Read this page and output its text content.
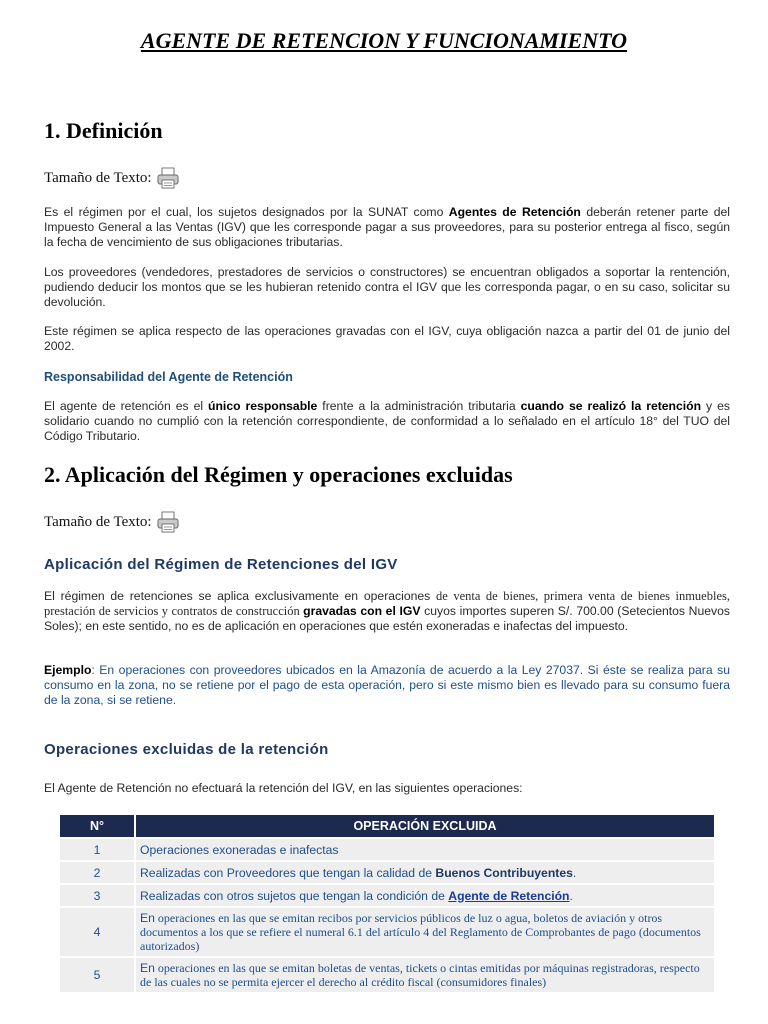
AGENTE DE RETENCION Y FUNCIONAMIENTO
1. Definición
Tamaño de Texto:
Es el régimen por el cual, los sujetos designados por la SUNAT como Agentes de Retención deberán retener parte del Impuesto General a las Ventas (IGV) que les corresponde pagar a sus proveedores, para su posterior entrega al fisco, según la fecha de vencimiento de sus obligaciones tributarias.
Los proveedores (vendedores, prestadores de servicios o constructores) se encuentran obligados a soportar la rentención, pudiendo deducir los montos que se les hubieran retenido contra el IGV que les corresponda pagar, o en su caso, solicitar su devolución.
Este régimen se aplica respecto de las operaciones gravadas con el IGV, cuya obligación nazca a partir del 01 de junio del 2002.
Responsabilidad del Agente de Retención
El agente de retención es el único responsable frente a la administración tributaria cuando se realizó la retención y es solidario cuando no cumplió con la retención correspondiente, de conformidad a lo señalado en el artículo 18° del TUO del Código Tributario.
2. Aplicación del Régimen y operaciones excluidas
Tamaño de Texto:
Aplicación del Régimen de Retenciones del IGV
El régimen de retenciones se aplica exclusivamente en operaciones de venta de bienes, primera venta de bienes inmuebles, prestación de servicios y contratos de construcción gravadas con el IGV cuyos importes superen S/. 700.00 (Setecientos Nuevos Soles); en este sentido, no es de aplicación en operaciones que estén exoneradas e inafectas del impuesto.
Ejemplo: En operaciones con proveedores ubicados en la Amazonía de acuerdo a la Ley 27037. Si éste se realiza para su consumo en la zona, no se retiene por el pago de esta operación, pero si este mismo bien es llevado para su consumo fuera de la zona, si se retiene.
Operaciones excluidas de la retención
El Agente de Retención no efectuará la retención del IGV, en las siguientes operaciones:
N°	OPERACIÓN EXCLUIDA
1	Operaciones exoneradas e inafectas
2	Realizadas con Proveedores que tengan la calidad de Buenos Contribuyentes.
3	Realizadas con otros sujetos que tengan la condición de Agente de Retención.
4	En operaciones en las que se emitan recibos por servicios públicos de luz o agua, boletos de aviación y otros documentos a los que se refiere el numeral 6.1 del artículo 4 del Reglamento de Comprobantes de pago (documentos autorizados)
5	En operaciones en las que se emitan boletas de ventas, tickets o cintas emitidas por máquinas registradoras, respecto de las cuales no se permita ejercer el derecho al crédito fiscal (consumidores finales)
